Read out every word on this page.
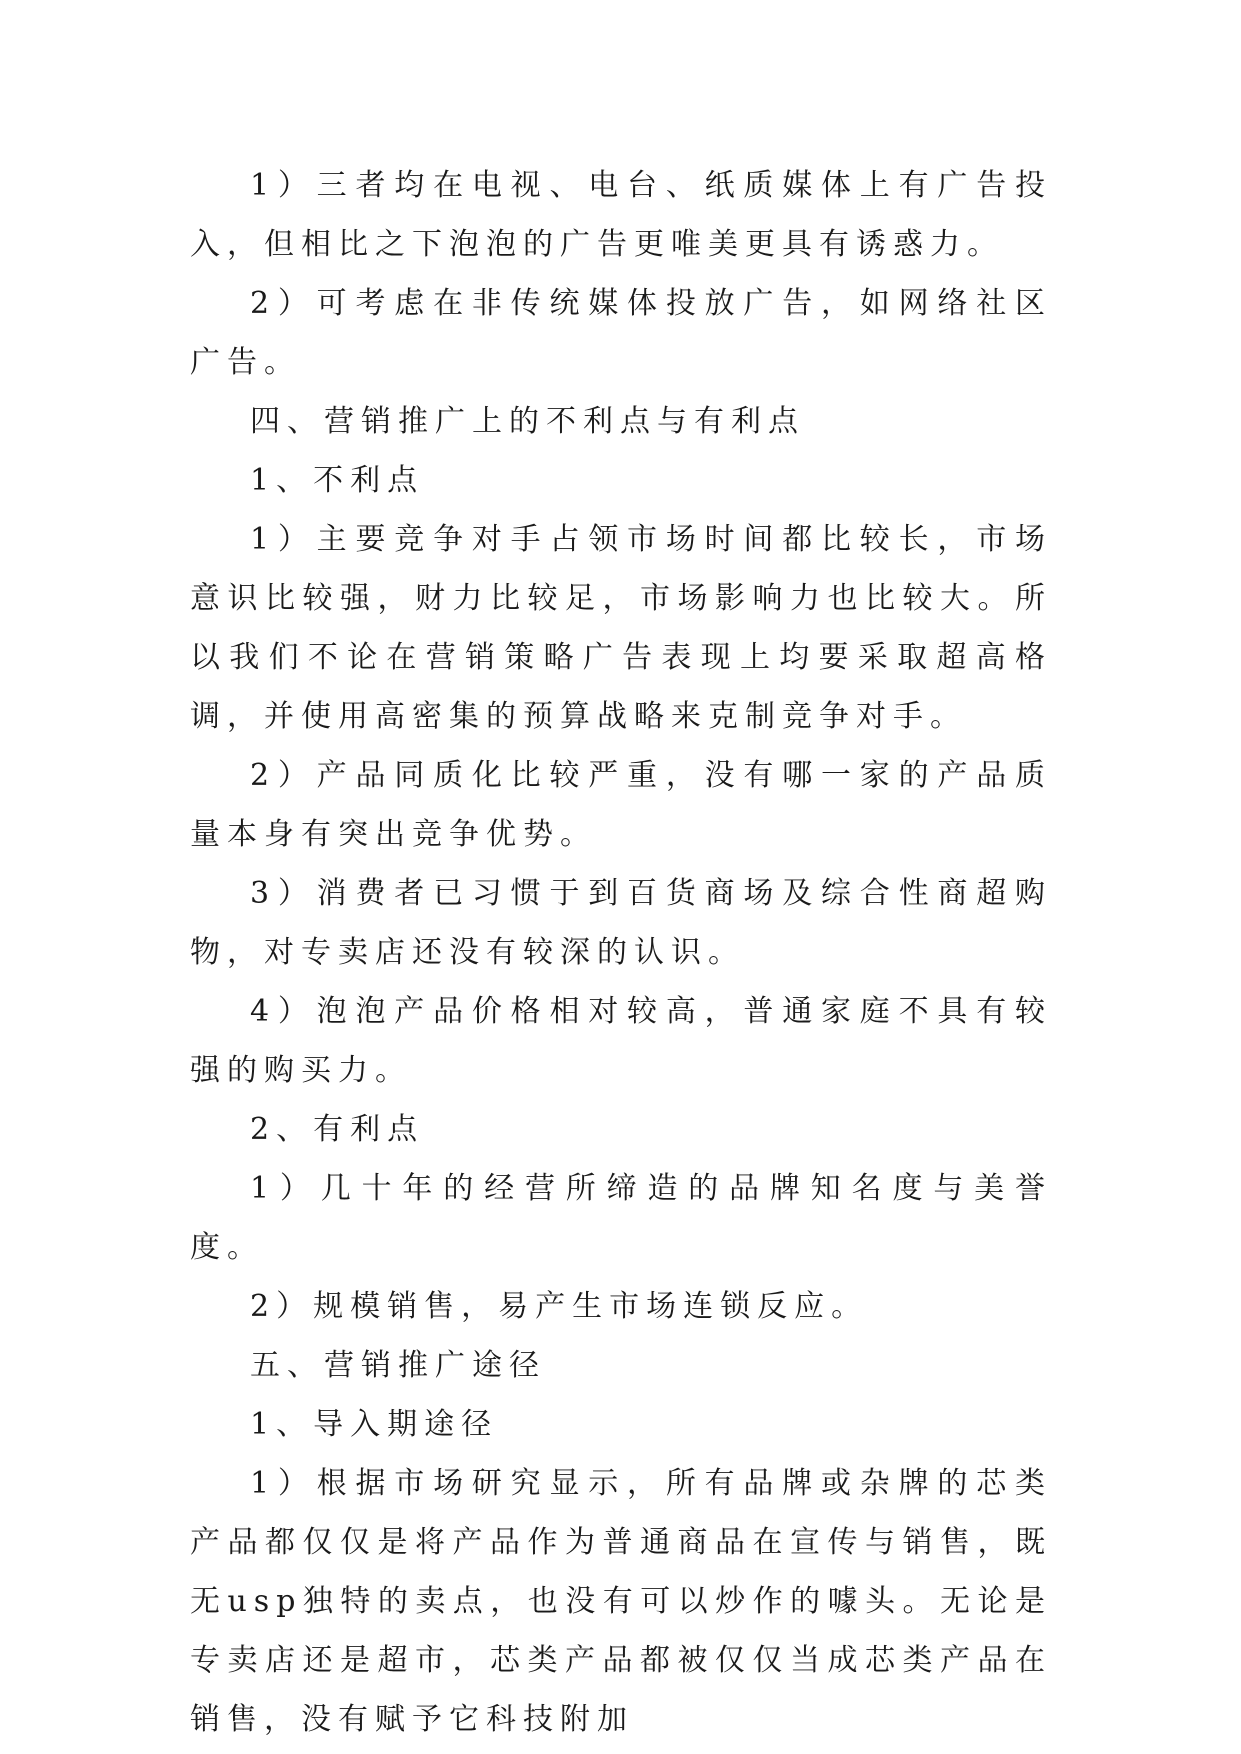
1）三者均在电视、电台、纸质媒体上有广告投入，但相比之下泡泡的广告更唯美更具有诱惑力。

2）可考虑在非传统媒体投放广告，如网络社区广告。

四、营销推广上的不利点与有利点

1、不利点

1）主要竞争对手占领市场时间都比较长，市场意识比较强，财力比较足，市场影响力也比较大。所以我们不论在营销策略广告表现上均要采取超高格调，并使用高密集的预算战略来克制竞争对手。

2）产品同质化比较严重，没有哪一家的产品质量本身有突出竞争优势。

3）消费者已习惯于到百货商场及综合性商超购物，对专卖店还没有较深的认识。

4）泡泡产品价格相对较高，普通家庭不具有较强的购买力。

2、有利点

1）几十年的经营所缔造的品牌知名度与美誉度。

2）规模销售，易产生市场连锁反应。

五、营销推广途径

1、导入期途径

1）根据市场研究显示，所有品牌或杂牌的芯类产品都仅仅是将产品作为普通商品在宣传与销售，既无usp独特的卖点，也没有可以炒作的噱头。无论是专卖店还是超市，芯类产品都被仅仅当成芯类产品在销售，没有赋予它科技附加
